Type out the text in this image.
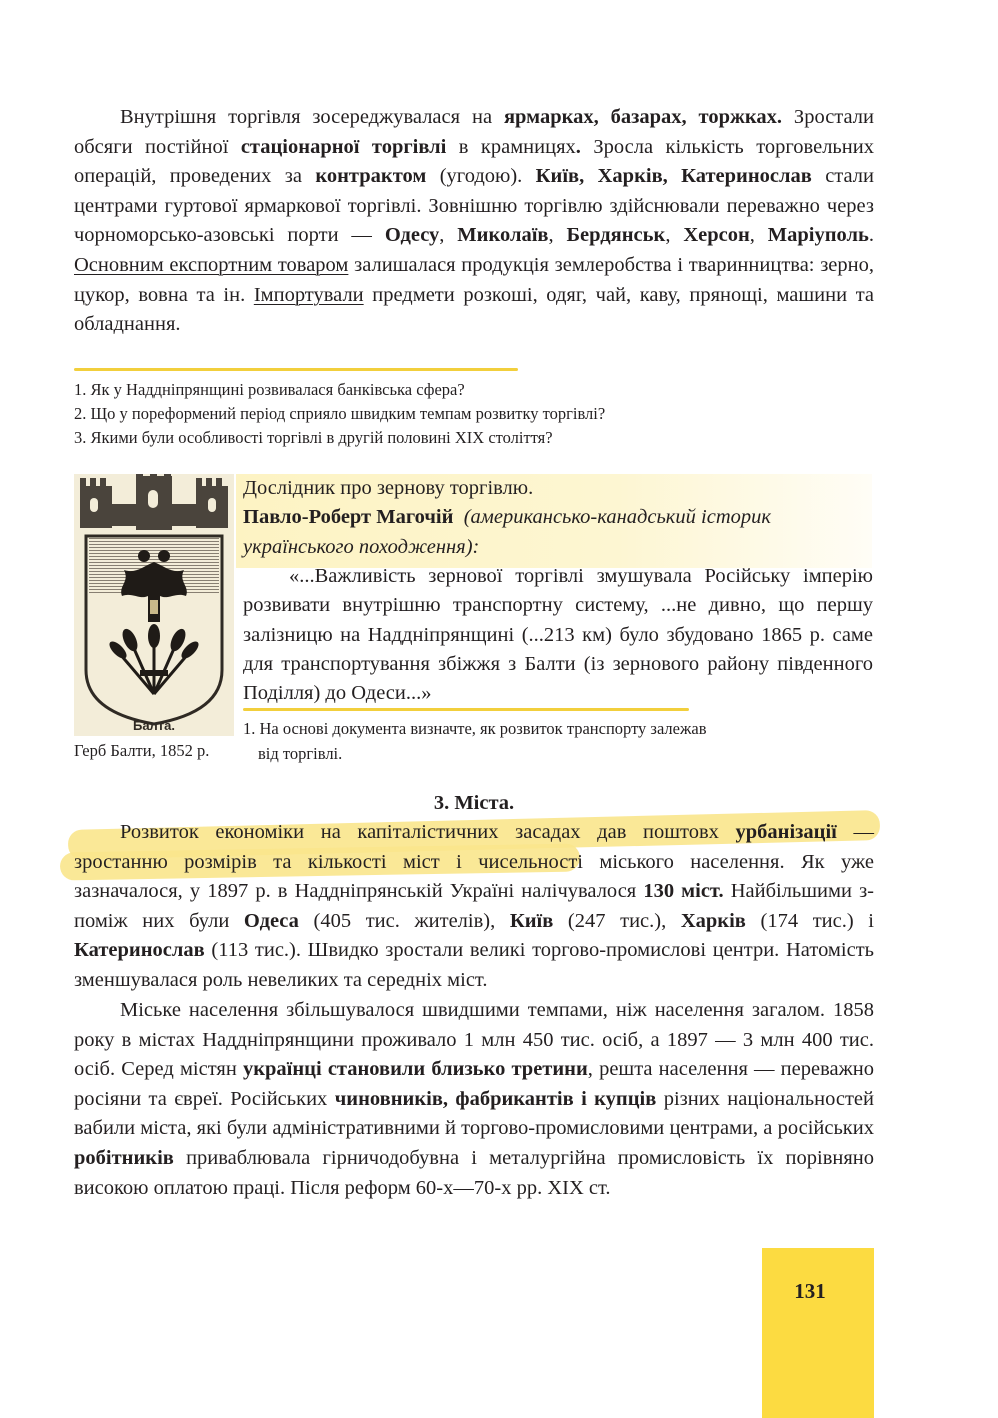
Внутрішня торгівля зосереджувалася на ярмарках, базарах, торжках. Зростали обсяги постійної стаціонарної торгівлі в крамницях. Зросла кількість торговельних операцій, проведених за контрактом (угодою). Київ, Харків, Катеринослав стали центрами гуртової ярмаркової торгівлі. Зовнішню торгівлю здійснювали переважно через чорноморсько-азовські порти — Одесу, Миколаїв, Бердянськ, Херсон, Маріуполь. Основним експортним товаром залишалася продукція землеробства і тваринництва: зерно, цукор, вовна та ін. Імпортували предмети розкоші, одяг, чай, каву, прянощі, машини та обладнання.

1. Як у Наддніпрянщині розвивалася банківська сфера?
2. Що у пореформений період сприяло швидким темпам розвитку торгівлі?
3. Якими були особливості торгівлі в другій половині XIX століття?
Балта.
Герб Балти, 1852 р.
Дослідник про зернову торгівлю.
Павло-Роберт Магочій (американсько-канадський історик українського походження):
«...Важливість зернової торгівлі змушувала Російську імперію розвивати внутрішню транспортну систему, ...не дивно, що першу залізницю на Наддніпрянщині (...213 км) було збудовано 1865 р. саме для транспортування збіжжя з Балти (із зернового району південного Поділля) до Одеси...»
1. На основі документа визначте, як розвиток транспорту залежав
від торгівлі.
3. Міста.

Розвиток економіки на капіталістичних засадах дав поштовх урбанізації — зростанню розмірів та кількості міст і чисельності міського населення. Як уже зазначалося, у 1897 р. в Наддніпрянській Україні налічувалося 130 міст. Найбільшими з-поміж них були Одеса (405 тис. жителів), Київ (247 тис.), Харків (174 тис.) і Катеринослав (113 тис.). Швидко зростали великі торгово-промислові центри. Натомість зменшувалася роль невеликих та середніх міст.

Міське населення збільшувалося швидшими темпами, ніж населення загалом. 1858 року в містах Наддніпрянщини проживало 1 млн 450 тис. осіб, а 1897 — 3 млн 400 тис. осіб. Серед містян українці становили близько третини, решта населення — переважно росіяни та євреї. Російських чиновників, фабрикантів і купців різних національностей вабили міста, які були адміністративними й торгово-промисловими центрами, а російських робітників приваблювала гірничодобувна і металургійна промисловість їх порівняно високою оплатою праці. Після реформ 60-х—70-х рр. XIX ст.

131
